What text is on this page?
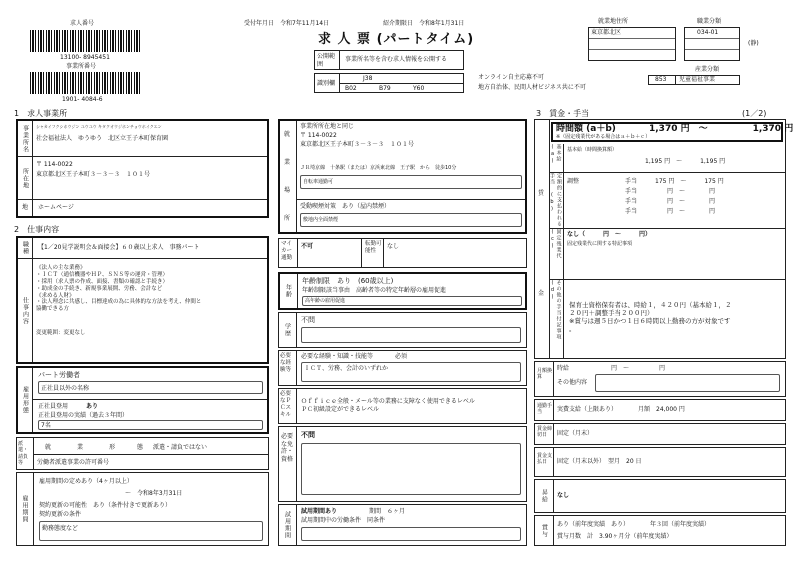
求人番号
13100- 8945451
事業所番号
1901- 4084-6
受付年月日　令和7年11月14日	紹介期限日　令和8年1月31日
求 人 票 (パートタイム)
公開範囲
事業所名等を含む求人情報を公開する
識別欄
J38
B02	B79	Y60
オンライン自主応募不可
地方自治体、民間人材ビジネス共に不可
就業地住所
東京都北区
職業分類
034-01
(静)
産業分類
853 児童福祉事業
1　求人事業所
事業所名	シャカイフクシホウジン ユウユウ キタクオウジホンチョウホイクエン
社会福祉法人　ゆうゆう　北区立王子本町保育園
所在地
〒 114-0022
東京都北区王子本町３－３－３　１０１号
地 ホームページ
就
業
場
所
事業所所在地と同じ
〒 114-0022
東京都北区王子本町３－３－３　１０１号
ＪＲ埼京線　十条駅（または）京浜東北線　王子駅　から　徒歩10分
自転車通勤可
受動喫煙対策　あり（屋内禁煙）
敷地内全面禁煙
2　仕事内容
職種	【1／20見学説明会＆面接会】６０歳以上求人　事務パート
仕事内容
《法人の主な業務》
・ＩＣＴ（通信機器やＨＰ、ＳＮＳ等の運営・管理）
・採用（求人票の作成、面接、書類の確認と手続き）
・助成金の手続き、新規事業展開、労務、会計など
《求める人財》
・法人理念に共感し、目標達成の為に具体的な方法を考え、仲間と
協働できる方
変更範囲：変更なし
雇用形態
パート労働者
正社員以外の名称
正社員登用	あり
正社員登用の実績（過去３年間）
7名
派遣・請負等
就	業	形	態 派遣・請負ではない
労働者派遣事業の許可番号
雇用期間
雇用期間の定めあり（4ヶ月以上）
～　令和8年3月31日
契約更新の可能性　あり（条件付きで更新あり）
契約更新の条件
勤務態度など
マイカー通勤
不可	転勤可能性
なし
年齢
年齢制限　あり　(60歳以上)
年齢制限該当事由　高齢者等の特定年齢層の雇用促進
高年齢の雇用促進
学歴
不問
必要な経験等
必要な経験・知識・技能等	必須
ＩＣＴ、労務、会計のいずれか
必要なＰＣスキル
Ｏｆｆｉｃｅ全般・メール等の業務に支障なく使用できるレベル
ＰＣ初級設定ができるレベル
必要な免許・資格
不問
試用期間	試用期間あり	期間　６ヶ月
試用期間中の労働条件　同条件
3　賃金・手当	(1／2)
賃
金
時間額 (a＋b)	1,370 円　～　　　　　1,370 円
※（固定残業代がある場合はａ＋ｂ＋ｃ）
基本給 (a)	基本給（時間換算額）
1,195 円　～　　　1,195 円
定額的に支払われる手当 (b)	調整	手当　　　175 円　～　　　175 円
手当　　　　　円　～　　　　円
手当　　　　　円　～　　　　円
手当　　　　　円　～　　　　円
固定残業代 (c)	なし（　　　円　～　　　円）
固定残業代に関する特記事項
その他の手当付記事項 (d)
保育士資格保有者は、時給１，４２０円（基本給１，２
２０円＋調整手当２００円）
※賞与は週５日かつ１日６時間以上勤務の方が対象です
。
月額換算
時給　　　　　　　円　～　　　　　円
その他内容
通勤手当	実費支給（上限あり）　　　　月額　24,000 円
賃金締切日	固定（月末）
賃金支払日	固定（月末以外）　翌月　20 日
昇給	なし
賞与	あり（前年度実績　あり）　　　　年３回（前年度実績）
賞与月数　計　3.90ヶ月分（前年度実績）
